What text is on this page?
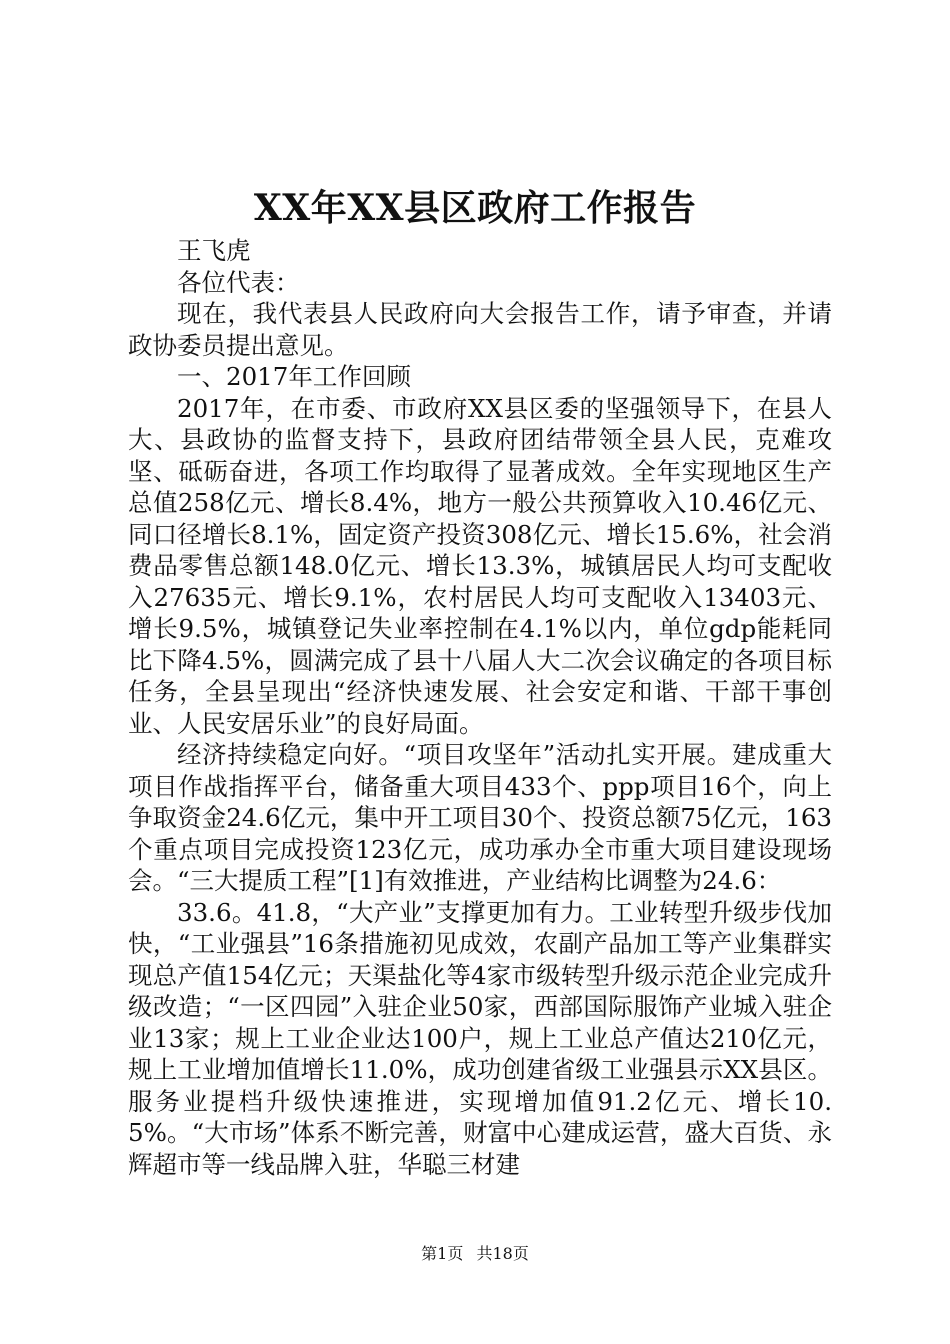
XX年XX县区政府工作报告

王飞虎

各位代表：

现在，我代表县人民政府向大会报告工作，请予审查，并请政协委员提出意见。

一、2017年工作回顾

2017年，在市委、市政府XX县区委的坚强领导下，在县人大、县政协的监督支持下，县政府团结带领全县人民，克难攻坚、砥砺奋进，各项工作均取得了显著成效。全年实现地区生产总值258亿元、增长8.4%，地方一般公共预算收入10.46亿元、同口径增长8.1%，固定资产投资308亿元、增长15.6%，社会消费品零售总额148.0亿元、增长13.3%，城镇居民人均可支配收入27635元、增长9.1%，农村居民人均可支配收入13403元、增长9.5%，城镇登记失业率控制在4.1%以内，单位gdp能耗同比下降4.5%，圆满完成了县十八届人大二次会议确定的各项目标任务，全县呈现出“经济快速发展、社会安定和谐、干部干事创业、人民安居乐业”的良好局面。

经济持续稳定向好。“项目攻坚年”活动扎实开展。建成重大项目作战指挥平台，储备重大项目433个、ppp项目16个，向上争取资金24.6亿元，集中开工项目30个、投资总额75亿元，163个重点项目完成投资123亿元，成功承办全市重大项目建设现场会。“三大提质工程”[1]有效推进，产业结构比调整为24.6：

33.6。41.8，“大产业”支撑更加有力。工业转型升级步伐加快，“工业强县”16条措施初见成效，农副产品加工等产业集群实现总产值154亿元；天渠盐化等4家市级转型升级示范企业完成升级改造；“一区四园”入驻企业50家，西部国际服饰产业城入驻企业13家；规上工业企业达100户，规上工业总产值达210亿元，规上工业增加值增长11.0%，成功创建省级工业强县示XX县区。服务业提档升级快速推进，实现增加值91.2亿元、增长10.5%。“大市场”体系不断完善，财富中心建成运营，盛大百货、永辉超市等一线品牌入驻，华聪三材建

第1页 共18页
